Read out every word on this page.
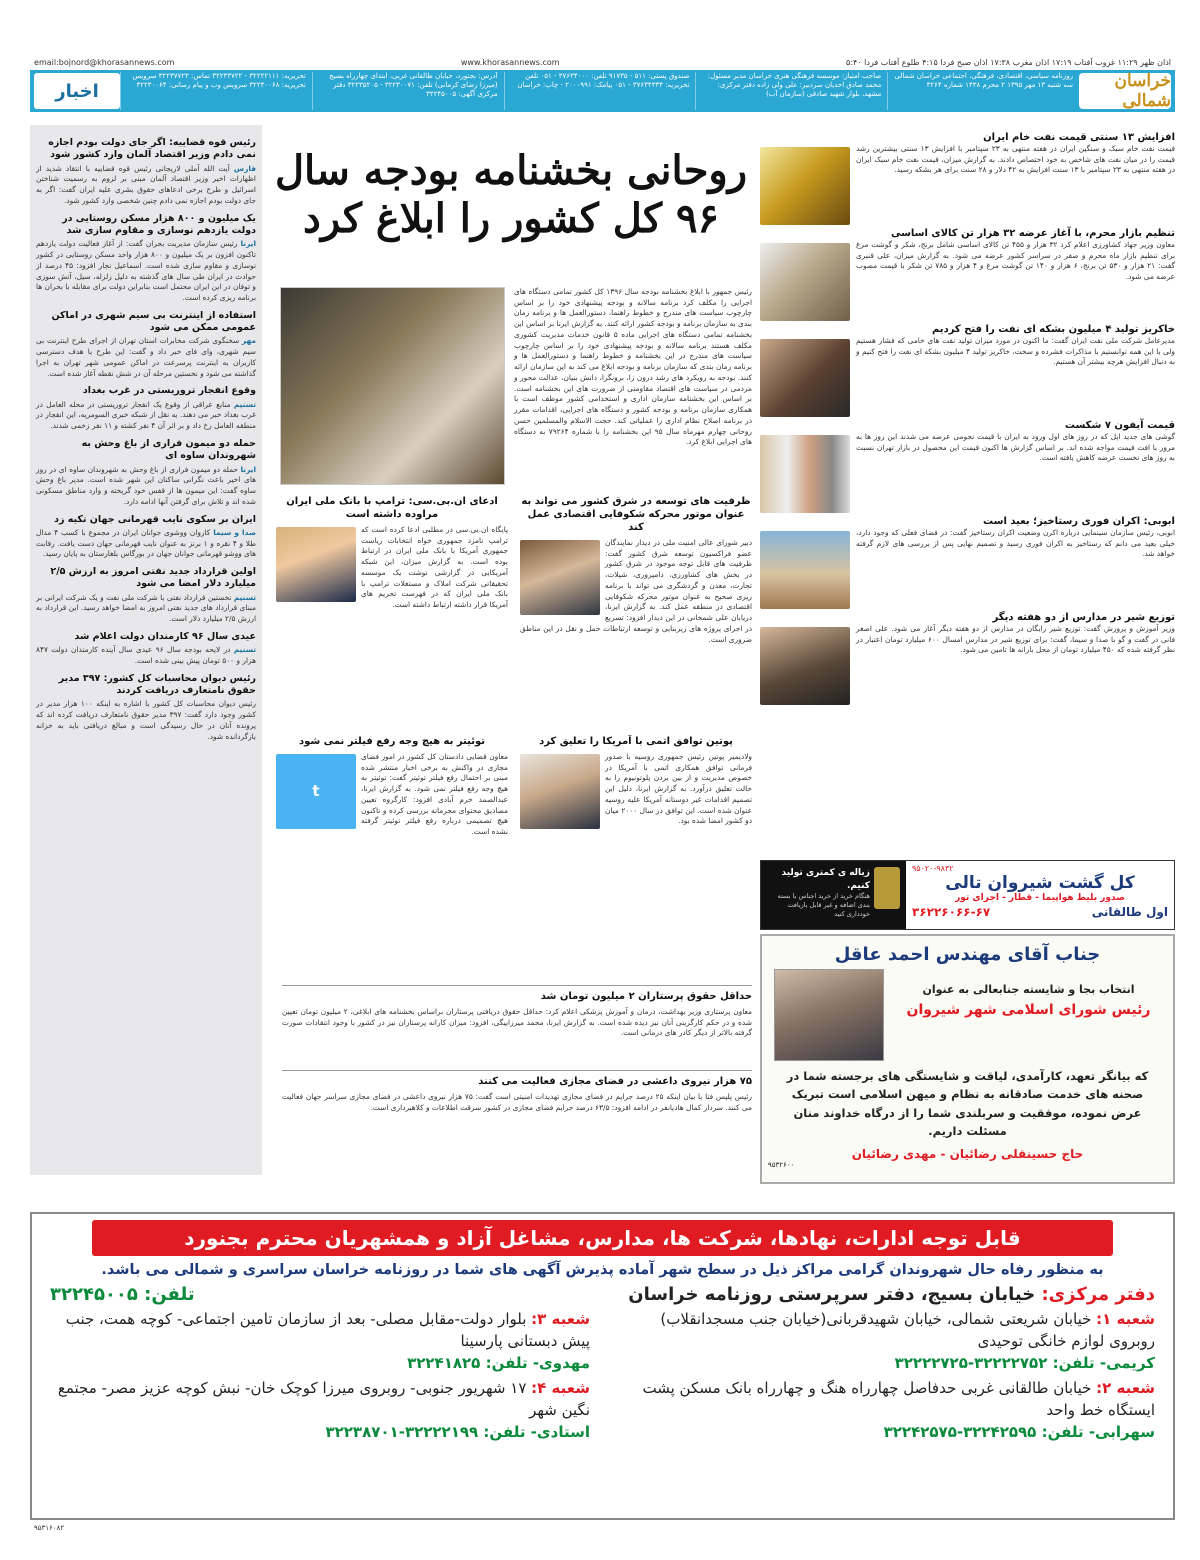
اذان ظهر ۱۱:۲۹ غروب آفتاب ۱۷:۱۹ اذان مغرب ۱۷:۳۸ اذان صبح فردا ۴:۱۵ طلوع آفتاب فردا ۵:۴۰
www.khorasannews.com
email:bojnord@khorasannews.com
خراسان شمالی
روزنامه سیاسی، اقتصادی، فرهنگی، اجتماعی خراسان شمالی سه شنبه ۱۳ مهر ۱۳۹۵ ۲ محرم ۱۴۳۸ شماره ۳۲۶۴
صاحب امتیاز: موسسه فرهنگی هنری خراسان مدیر مسئول: محمد صادق احدیان سردبیر: علی ولی زاده دفتر مرکزی: مشهد، بلوار شهید صادقی (سازمان آب)
صندوق پستی: ۵۱۱ - ۹۱۷۳۵ تلفن: ۳۷۶۳۴۰۰۰ - ۰۵۱ تلفن تحریریه: ۳۷۶۳۴۳۳۴ - ۰۵۱ پیامک: ۲۰۰۰۹۹۱ - چاپ: خراسان
آدرس: بجنورد، خیابان طالقانی غربی، ابتدای چهارراه بسیج (میرزا رضای کرمانی) تلفن: ۳۲۲۳۰۰۷۱ - ۳۲۲۳۵۲۰۵ دفتر مرکزی آگهی: ۳۲۲۴۵۰۰۵
تحریریه: ۳۲۲۲۲۱۱۱ - ۳۲۲۴۳۷۲۲ تماس: ۳۲۲۳۷۷۲۳ سرویس تحریریه: ۳۲۲۳۰۰۶۸ سرویس وب و پیام رسانی: ۳۲۲۳۰۰۶۴
اخبار
رئیس قوه قضاییه: اگر جای دولت بودم اجازه نمی دادم وزیر اقتصاد آلمان وارد کشور شود

فارس آیت الله آملی لاریجانی رئیس قوه قضاییه با انتقاد شدید از اظهارات اخیر وزیر اقتصاد آلمان مبنی بر لزوم به رسمیت شناختن اسرائیل و طرح برخی ادعاهای حقوق بشری علیه ایران گفت: اگر به جای دولت بودم اجازه نمی دادم چنین شخصی وارد کشور شود.

یک میلیون و ۸۰۰ هزار مسکن روستایی در دولت یازدهم نوسازی و مقاوم سازی شد

ایرنا رئیس سازمان مدیریت بحران گفت: از آغاز فعالیت دولت یازدهم تاکنون افزون بر یک میلیون و ۸۰۰ هزار واحد مسکن روستایی در کشور نوسازی و مقاوم سازی شده است. اسماعیل نجار افزود: ۴۵ درصد از حوادث در ایران طی سال های گذشته به دلیل زلزله، سیل، آتش سوزی و توفان در این ایران محتمل است بنابراین دولت برای مقابله با بحران ها برنامه ریزی کرده است.

استفاده از اینترنت بی سیم شهری در اماکن عمومی ممکن می شود

مهر سخنگوی شرکت مخابرات استان تهران از اجرای طرح اینترنت بی سیم شهری، وای فای خبر داد و گفت: این طرح با هدف دسترسی کاربران به اینترنت پرسرعت در اماکن عمومی شهر تهران به اجرا گذاشته می شود و نخستین مرحله آن در شش نقطه آغاز شده است.

وقوع انفجار تروریستی در غرب بغداد

تسنیم منابع عراقی از وقوع یک انفجار تروریستی در محله العامل در غرب بغداد خبر می دهند. به نقل از شبکه خبری السومریه، این انفجار در منطقه العامل رخ داد و بر اثر آن ۴ نفر کشته و ۱۱ نفر زخمی شدند.

حمله دو میمون فراری از باغ وحش به شهروندان ساوه ای

ایرنا حمله دو میمون فراری از باغ وحش به شهروندان ساوه ای در روز های اخیر باعث نگرانی ساکنان این شهر شده است. مدیر باغ وحش ساوه گفت: این میمون ها از قفس خود گریخته و وارد مناطق مسکونی شده اند و تلاش برای گرفتن آنها ادامه دارد.

ایران بر سکوی نایب قهرمانی جهان تکیه زد

صدا و سیما کاروان ووشوی جوانان ایران در مجموع با کسب ۴ مدال طلا و ۴ نقره و ۱ برنز به عنوان نایب قهرمانی جهان دست یافت. رقابت های ووشو قهرمانی جوانان جهان در بورگاس بلغارستان به پایان رسید.

اولین قرارداد جدید نفتی امروز به ارزش ۲/۵ میلیارد دلار امضا می شود

تسنیم نخستین قرارداد نفتی با شرکت ملی نفت و یک شرکت ایرانی بر مبنای قرارداد های جدید نفتی امروز به امضا خواهد رسید. این قرارداد به ارزش ۲/۵ میلیارد دلار است.

عیدی سال ۹۶ کارمندان دولت اعلام شد

تسنیم در لایحه بودجه سال ۹۶ عیدی سال آینده کارمندان دولت ۸۴۷ هزار و ۵۰۰ تومان پیش بینی شده است.

رئیس دیوان محاسبات کل کشور: ۳۹۷ مدیر حقوق نامتعارف دریافت کردند

رئیس دیوان محاسبات کل کشور با اشاره به اینکه ۱۰۰ هزار مدیر در کشور وجود دارد گفت: ۳۹۷ مدیر حقوق نامتعارف دریافت کرده اند که پرونده آنان در حال رسیدگی است و مبالغ دریافتی باید به خزانه بازگردانده شود.

روحانی بخشنامه بودجه سال ۹۶ کل کشور را ابلاغ کرد
رئیس جمهور با ابلاغ بخشنامه بودجه سال ۱۳۹۶ کل کشور تمامی دستگاه های اجرایی را مکلف کرد برنامه سالانه و بودجه پیشنهادی خود را بر اساس چارچوب سیاست های مندرج و خطوط راهنما، دستورالعمل ها و برنامه زمان بندی به سازمان برنامه و بودجه کشور ارائه کنند. به گزارش ایرنا بر اساس این بخشنامه تمامی دستگاه های اجرایی ماده ۵ قانون خدمات مدیریت کشوری مکلف هستند برنامه سالانه و بودجه پیشنهادی خود را بر اساس چارچوب سیاست های مندرج در این بخشنامه و خطوط راهنما و دستورالعمل ها و برنامه زمان بندی که سازمان برنامه و بودجه ابلاغ می کند به این سازمان ارائه کنند. بودجه به رویکرد های رشد درون زا، برونگرا، دانش بنیان، عدالت محور و مردمی در سیاست های اقتصاد مقاومتی از ضرورت های این بخشنامه است. بر اساس این بخشنامه سازمان اداری و استخدامی کشور موظف است با همکاری سازمان برنامه و بودجه کشور و دستگاه های اجرایی، اقدامات مقرر در برنامه اصلاح نظام اداری را عملیاتی کند. حجت الاسلام والمسلمین حسن روحانی چهارم مهرماه سال ۹۵ این بخشنامه را با شماره ۷۹۲۶۴ به دستگاه های اجرایی ابلاغ کرد.
ظرفیت های توسعه در شرق کشور می تواند به عنوان موتور محرکه شکوفایی اقتصادی عمل کند
دبیر شورای عالی امنیت ملی در دیدار نمایندگان عضو فراکسیون توسعه شرق کشور گفت: ظرفیت های قابل توجه موجود در شرق کشور در بخش های کشاورزی، دامپروری، شیلات، تجارت، معدن و گردشگری می تواند با برنامه ریزی صحیح به عنوان موتور محرکه شکوفایی اقتصادی در منطقه عمل کند. به گزارش ایرنا، دریابان علی شمخانی در این دیدار افزود: تسریع در اجرای پروژه های زیربنایی و توسعه ارتباطات حمل و نقل در این مناطق ضروری است.
ادعای ان.بی.سی: ترامپ با بانک ملی ایران مراوده داشته است
پایگاه ان.بی.سی در مطلبی ادعا کرده است که ترامپ نامزد جمهوری خواه انتخابات ریاست جمهوری آمریکا با بانک ملی ایران در ارتباط بوده است. به گزارش میزان، این شبکه آمریکایی در گزارشی نوشت یک موسسه تحقیقاتی شرکت املاک و مستغلات ترامپ با بانک ملی ایران که در فهرست تحریم های آمریکا قرار داشته ارتباط داشته است.
پوتین توافق اتمی با آمریکا را تعلیق کرد
ولادیمیر پوتین رئیس جمهوری روسیه با صدور فرمانی توافق همکاری اتمی با آمریکا در خصوص مدیریت و از بین بردن پلوتونیوم را به حالت تعلیق درآورد. به گزارش ایرنا، دلیل این تصمیم اقدامات غیر دوستانه آمریکا علیه روسیه عنوان شده است. این توافق در سال ۲۰۰۰ میان دو کشور امضا شده بود.
توئیتر به هیچ وجه رفع فیلتر نمی شود
t
معاون قضایی دادستان کل کشور در امور فضای مجازی در واکنش به برخی اخبار منتشر شده مبنی بر احتمال رفع فیلتر توئیتر گفت: توئیتر به هیچ وجه رفع فیلتر نمی شود. به گزارش ایرنا، عبدالصمد خرم آبادی افزود: کارگروه تعیین مصادیق محتوای مجرمانه بررسی کرده و تاکنون هیچ تصمیمی درباره رفع فیلتر توئیتر گرفته نشده است.
حداقل حقوق پرستاران ۲ میلیون تومان شد
معاون پرستاری وزیر بهداشت، درمان و آموزش پزشکی اعلام کرد: حداقل حقوق دریافتی پرستاران براساس بخشنامه های ابلاغی، ۲ میلیون تومان تعیین شده و در حکم کارگزینی آنان نیز دیده شده است. به گزارش ایرنا، محمد میرزابیگی، افزود: میزان کارانه پرستاران نیز در کشور با وجود انتقادات صورت گرفته بالاتر از دیگر کادر های درمانی است.
۷۵ هزار نیروی داعشی در فضای مجازی فعالیت می کنند
رئیس پلیس فتا با بیان اینکه ۲۵ درصد جرایم در فضای مجازی تهدیدات امنیتی است گفت: ۷۵ هزار نیروی داعشی در فضای مجازی سراسر جهان فعالیت می کنند. سردار کمال هادیانفر در ادامه افزود: ۶۳/۵ درصد جرایم فضای مجازی در کشور سرقت اطلاعات و کلاهبرداری است.
افزایش ۱۳ سنتی قیمت نفت خام ایران

قیمت نفت خام سبک و سنگین ایران در هفته منتهی به ۲۳ سپتامبر با افزایش ۱۳ سنتی بیشترین رشد قیمت را در میان نفت های شاخص به خود اختصاص دادند. به گزارش میزان، قیمت نفت خام سبک ایران در هفته منتهی به ۲۳ سپتامبر با ۱۳ سنت افزایش به ۴۲ دلار و ۲۸ سنت برای هر بشکه رسید.

تنظیم بازار محرم، با آغاز عرضه ۳۲ هزار تن کالای اساسی

معاون وزیر جهاد کشاورزی اعلام کرد ۳۲ هزار و ۴۵۵ تن کالای اساسی شامل برنج، شکر و گوشت مرغ برای تنظیم بازار ماه محرم و صفر در سراسر کشور عرضه می شود. به گزارش میزان، علی قنبری گفت: ۲۱ هزار و ۵۳۰ تن برنج، ۶ هزار و ۱۴۰ تن گوشت مرغ و ۴ هزار و ۷۸۵ تن شکر با قیمت مصوب عرضه می شود.

خاکریز تولید ۴ میلیون بشکه ای نفت را فتح کردیم

مدیرعامل شرکت ملی نفت ایران گفت: ما اکنون در مورد میزان تولید نفت های خامی که فشار هستیم ولی با این همه توانستیم با مذاکرات فشرده و سخت، خاکریز تولید ۴ میلیون بشکه ای نفت را فتح کنیم و به دنبال افزایش هرچه بیشتر آن هستیم.

قیمت آیفون ۷ شکست

گوشی های جدید اپل که در روز های اول ورود به ایران با قیمت نجومی عرضه می شدند این روز ها به مرور با افت قیمت مواجه شده اند. بر اساس گزارش ها اکنون قیمت این محصول در بازار تهران نسبت به روز های نخست عرضه کاهش یافته است.

ابوبی: اکران فوری رستاخیز؛ بعید است

ابوبی، رئیس سازمان سینمایی درباره اکرن وضعیت اکران رستاخیز گفت: در فضای فعلی که وجود دارد، خیلی بعید می دانم که رستاخیز به اکران فوری رسید و تصمیم نهایی پس از بررسی های لازم گرفته خواهد شد.

توزیع شیر در مدارس از دو هفته دیگر

وزیر آموزش و پرورش گفت: توزیع شیر رایگان در مدارس از دو هفته دیگر آغاز می شود. علی اصغر فانی در گفت و گو با صدا و سیما، گفت: برای توزیع شیر در مدارس امسال ۶۰۰ میلیارد تومان اعتبار در نظر گرفته شده که ۴۵۰ میلیارد تومان از محل بارانه ها تامین می شود.

۹۵۰۲۰-۹۸۳۲
کل گشت شیروان تالی
صدور بلیط هواپیما - قطار - اجرای تور
اول طالقانی
۳۶۲۲۶۰۶۶-۶۷
زباله ی کمتری تولید کنیم.
هنگام خرید از خرید اجناس با بسته بندی اضافه و غیر قابل بازیافت خودداری کنید
جناب آقای مهندس احمد عاقل
انتخاب بجا و شایسته جنابعالی به عنوان
رئیس شورای اسلامی شهر شیروان
که بیانگر تعهد، کارآمدی، لیاقت و شایستگی های برجسته شما در صحنه های خدمت صادقانه به نظام و میهن اسلامی است تبریک عرض نموده، موفقیت و سربلندی شما را از درگاه خداوند منان مسئلت داریم.
حاج حسینقلی رضائیان - مهدی رضائیان
۹۵۳۲۶۰۰
قابل توجه ادارات، نهادها، شرکت ها، مدارس، مشاغل آزاد و همشهریان محترم بجنورد
به منظور رفاه حال شهروندان گرامی مراکز ذیل در سطح شهر آماده پذیرش آگهی های شما در روزنامه خراسان سراسری و شمالی می باشد.
دفتر مرکزی: خیابان بسیج، دفتر سرپرستی روزنامه خراسان
تلفن: ۳۲۲۴۵۰۰۵
شعبه ۱: خیابان شریعتی شمالی، خیابان شهیدقربانی(خیابان جنب مسجدانقلاب) روبروی لوازم خانگی توحیدی
کریمی- تلفن: ۳۲۲۲۲۷۵۲-۳۲۲۲۲۷۲۵
شعبه ۳: بلوار دولت-مقابل مصلی- بعد از سازمان تامین اجتماعی- کوچه همت، جنب پیش دبستانی پارسینا
مهدوی- تلفن: ۳۲۲۴۱۸۲۵
شعبه ۲: خیابان طالقانی غربی حدفاصل چهارراه هنگ و چهارراه بانک مسکن پشت ایستگاه خط واحد
سهرابی- تلفن: ۳۲۲۴۲۵۹۵-۳۲۲۴۲۵۷۵
شعبه ۴: ۱۷ شهریور جنوبی- روبروی میرزا کوچک خان- نبش کوچه عزیز مصر- مجتمع نگین شهر
استادی- تلفن: ۳۲۲۲۲۱۹۹-۳۲۲۳۸۷۰۱
۹۵۳۱۶۰۸۲
